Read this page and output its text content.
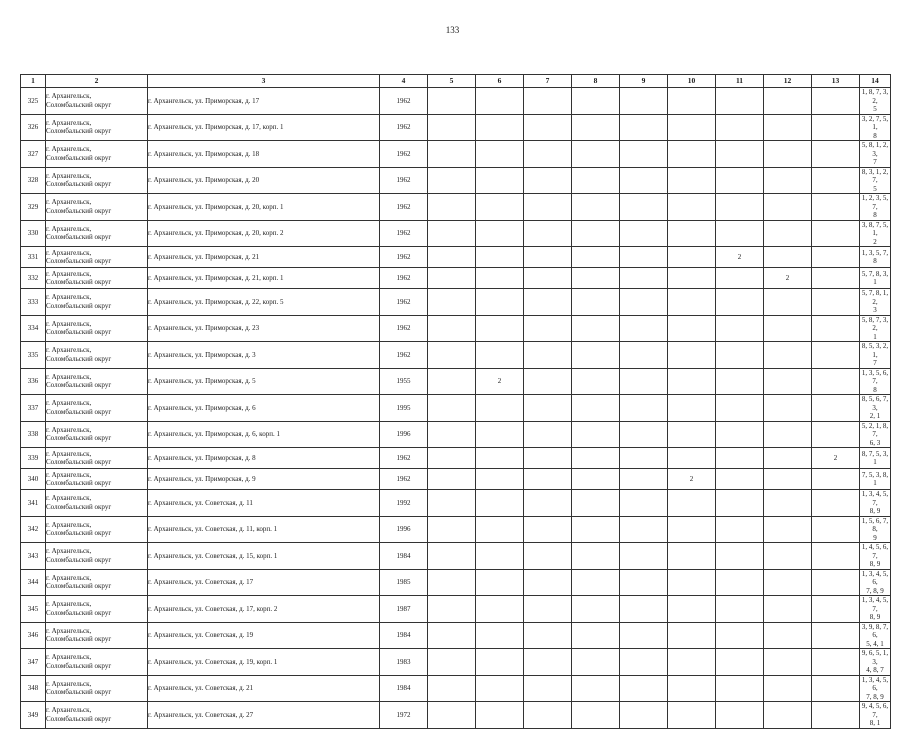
133
1	2	3	4	5	6	7	8	9	10	11	12	13	14
325	г. Архангельск,
Соломбальский округ	г. Архангельск, ул. Приморская, д. 17	1962										1, 8, 7, 3, 2,
5
326	г. Архангельск,
Соломбальский округ	г. Архангельск, ул. Приморская, д. 17, корп. 1	1962										3, 2, 7, 5, 1,
8
327	г. Архангельск,
Соломбальский округ	г. Архангельск, ул. Приморская, д. 18	1962										5, 8, 1, 2, 3,
7
328	г. Архангельск,
Соломбальский округ	г. Архангельск, ул. Приморская, д. 20	1962										8, 3, 1, 2, 7,
5
329	г. Архангельск,
Соломбальский округ	г. Архангельск, ул. Приморская, д. 20, корп. 1	1962										1, 2, 3, 5, 7,
8
330	г. Архангельск,
Соломбальский округ	г. Архангельск, ул. Приморская, д. 20, корп. 2	1962										3, 8, 7, 5, 1,
2
331	г. Архангельск,
Соломбальский округ	г. Архангельск, ул. Приморская, д. 21	1962							2			1, 3, 5, 7, 8
332	г. Архангельск,
Соломбальский округ	г. Архангельск, ул. Приморская, д. 21, корп. 1	1962								2		5, 7, 8, 3, 1
333	г. Архангельск,
Соломбальский округ	г. Архангельск, ул. Приморская, д. 22, корп. 5	1962										5, 7, 8, 1, 2,
3
334	г. Архангельск,
Соломбальский округ	г. Архангельск, ул. Приморская, д. 23	1962										5, 8, 7, 3, 2,
1
335	г. Архангельск,
Соломбальский округ	г. Архангельск, ул. Приморская, д. 3	1962										8, 5, 3, 2, 1,
7
336	г. Архангельск,
Соломбальский округ	г. Архангельск, ул. Приморская, д. 5	1955		2								1, 3, 5, 6, 7,
8
337	г. Архангельск,
Соломбальский округ	г. Архангельск, ул. Приморская, д. 6	1995										8, 5, 6, 7, 3,
2, 1
338	г. Архангельск,
Соломбальский округ	г. Архангельск, ул. Приморская, д. 6, корп. 1	1996										5, 2, 1, 8, 7,
6, 3
339	г. Архангельск,
Соломбальский округ	г. Архангельск, ул. Приморская, д. 8	1962									2	8, 7, 5, 3, 1
340	г. Архангельск,
Соломбальский округ	г. Архангельск, ул. Приморская, д. 9	1962						2				7, 5, 3, 8, 1
341	г. Архангельск,
Соломбальский округ	г. Архангельск, ул. Советская, д. 11	1992										1, 3, 4, 5, 7,
8, 9
342	г. Архангельск,
Соломбальский округ	г. Архангельск, ул. Советская, д. 11, корп. 1	1996										1, 5, 6, 7, 8,
9
343	г. Архангельск,
Соломбальский округ	г. Архангельск, ул. Советская, д. 15, корп. 1	1984										1, 4, 5, 6, 7,
8, 9
344	г. Архангельск,
Соломбальский округ	г. Архангельск, ул. Советская, д. 17	1985										1, 3, 4, 5, 6,
7, 8, 9
345	г. Архангельск,
Соломбальский округ	г. Архангельск, ул. Советская, д. 17, корп. 2	1987										1, 3, 4, 5, 7,
8, 9
346	г. Архангельск,
Соломбальский округ	г. Архангельск, ул. Советская, д. 19	1984										3, 9, 8, 7, 6,
5, 4, 1
347	г. Архангельск,
Соломбальский округ	г. Архангельск, ул. Советская, д. 19, корп. 1	1983										9, 6, 5, 1, 3,
4, 8, 7
348	г. Архангельск,
Соломбальский округ	г. Архангельск, ул. Советская, д. 21	1984										1, 3, 4, 5, 6,
7, 8, 9
349	г. Архангельск,
Соломбальский округ	г. Архангельск, ул. Советская, д. 27	1972										9, 4, 5, 6, 7,
8, 1
